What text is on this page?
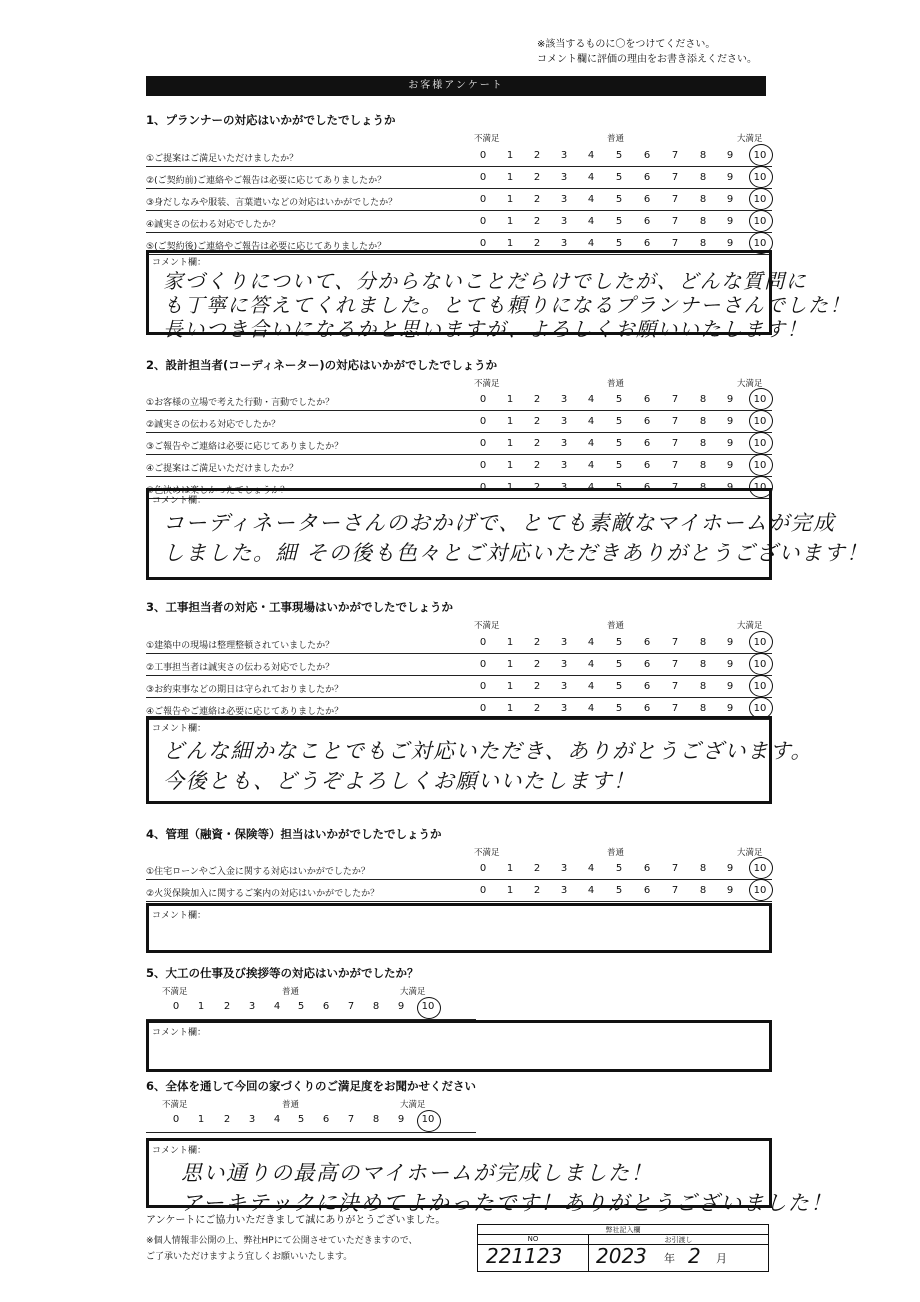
※該当するものに〇をつけてください。
コメント欄に評価の理由をお書き添えください。
お客様アンケート
1、プランナーの対応はいかがでしたでしょうか
不満足	普通	大満足
①ご提案はご満足いただけましたか？	0	1	2	3	4	5	6	7	8	9	10
②(ご契約前)ご連絡やご報告は必要に応じてありましたか？	0	1	2	3	4	5	6	7	8	9	10
③身だしなみや服装、言葉遣いなどの対応はいかがでしたか？	0	1	2	3	4	5	6	7	8	9	10
④誠実さの伝わる対応でしたか？	0	1	2	3	4	5	6	7	8	9	10
⑤(ご契約後)ご連絡やご報告は必要に応じてありましたか？	0	1	2	3	4	5	6	7	8	9	10
コメント欄：
家づくりについて、分からないことだらけでしたが、どんな質問に
も丁寧に答えてくれました。とても頼りになるプランナーさんでした！
長いつき合いになるかと思いますが、よろしくお願いいたします！
2、設計担当者(コーディネーター)の対応はいかがでしたでしょうか
不満足	普通	大満足
①お客様の立場で考えた行動・言動でしたか？	0	1	2	3	4	5	6	7	8	9	10
②誠実さの伝わる対応でしたか？	0	1	2	3	4	5	6	7	8	9	10
③ご報告やご連絡は必要に応じてありましたか？	0	1	2	3	4	5	6	7	8	9	10
④ご提案はご満足いただけましたか？	0	1	2	3	4	5	6	7	8	9	10
⑤色決めは楽しかったでしょうか？	0	1	2	3	4	5	6	7	8	9	10
コメント欄：
コーディネーターさんのおかげで、とても素敵なマイホームが完成
しました。細 その後も色々とご対応いただきありがとうございます！
3、工事担当者の対応・工事現場はいかがでしたでしょうか
不満足	普通	大満足
①建築中の現場は整理整頓されていましたか？	0	1	2	3	4	5	6	7	8	9	10
②工事担当者は誠実さの伝わる対応でしたか？	0	1	2	3	4	5	6	7	8	9	10
③お約束事などの期日は守られておりましたか？	0	1	2	3	4	5	6	7	8	9	10
④ご報告やご連絡は必要に応じてありましたか？	0	1	2	3	4	5	6	7	8	9	10
コメント欄：
どんな細かなことでもご対応いただき、ありがとうございます。
今後とも、どうぞよろしくお願いいたします！
4、管理（融資・保険等）担当はいかがでしたでしょうか
不満足	普通	大満足
①住宅ローンやご入金に関する対応はいかがでしたか？	0	1	2	3	4	5	6	7	8	9	10
②火災保険加入に関するご案内の対応はいかがでしたか？	0	1	2	3	4	5	6	7	8	9	10
コメント欄：
5、大工の仕事及び挨拶等の対応はいかがでしたか？
不満足	普通	大満足
0	1	2	3	4	5	6	7	8	9	10
コメント欄：
6、全体を通して今回の家づくりのご満足度をお聞かせください
不満足	普通	大満足
0	1	2	3	4	5	6	7	8	9	10
コメント欄：
思い通りの最高のマイホームが完成しました！
アーキテックに決めてよかったです！ありがとうございました！
アンケートにご協力いただきまして誠にありがとうございました。
※個人情報非公開の上、弊社HPにて公開させていただきますので、
ご了承いただけますよう宜しくお願いいたします。
弊社記入欄
NO	お引渡し
221123 2023 年 2 月
